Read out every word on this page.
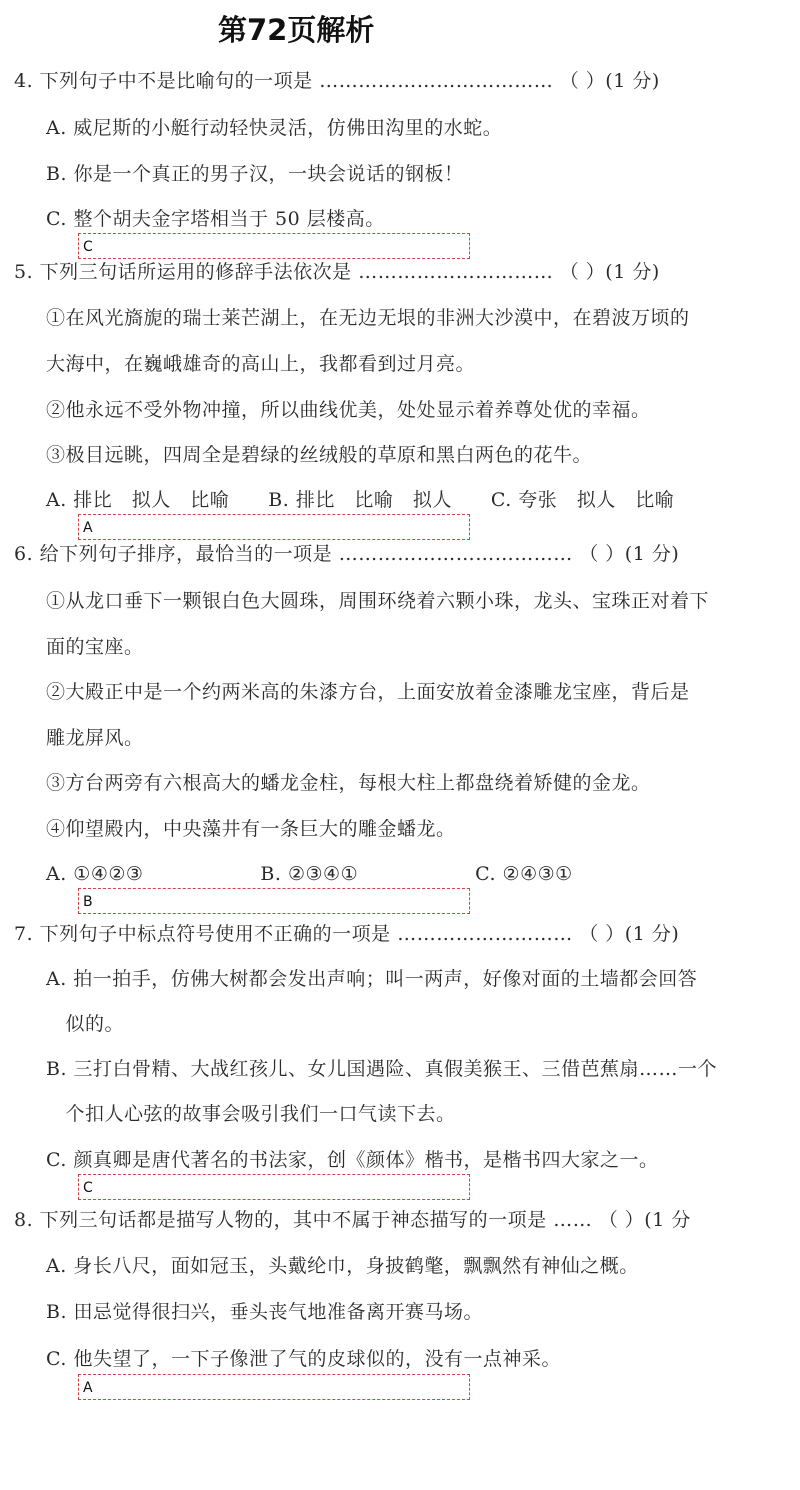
第72页解析
4. 下列句子中不是比喻句的一项是 ……………………………… （ ）(1 分)
A. 威尼斯的小艇行动轻快灵活，仿佛田沟里的水蛇。
B. 你是一个真正的男子汉，一块会说话的钢板！
C. 整个胡夫金字塔相当于 50 层楼高。
C
5. 下列三句话所运用的修辞手法依次是 ………………………… （ ）(1 分)
①在风光旖旎的瑞士莱芒湖上，在无边无垠的非洲大沙漠中，在碧波万顷的
大海中，在巍峨雄奇的高山上，我都看到过月亮。
②他永远不受外物冲撞，所以曲线优美，处处显示着养尊处优的幸福。
③极目远眺，四周全是碧绿的丝绒般的草原和黑白两色的花牛。
A. 排比　拟人　比喻　　B. 排比　比喻　拟人　　C. 夸张　拟人　比喻
A
6. 给下列句子排序，最恰当的一项是 ……………………………… （ ）(1 分)
①从龙口垂下一颗银白色大圆珠，周围环绕着六颗小珠，龙头、宝珠正对着下
面的宝座。
②大殿正中是一个约两米高的朱漆方台，上面安放着金漆雕龙宝座，背后是
雕龙屏风。
③方台两旁有六根高大的蟠龙金柱，每根大柱上都盘绕着矫健的金龙。
④仰望殿内，中央藻井有一条巨大的雕金蟠龙。
A. ①④②③　　　　　　B. ②③④①　　　　　　C. ②④③①
B
7. 下列句子中标点符号使用不正确的一项是 ……………………… （ ）(1 分)
A. 拍一拍手，仿佛大树都会发出声响；叫一两声，好像对面的土墙都会回答
　似的。
B. 三打白骨精、大战红孩儿、女儿国遇险、真假美猴王、三借芭蕉扇……一个
　个扣人心弦的故事会吸引我们一口气读下去。
C. 颜真卿是唐代著名的书法家，创《颜体》楷书，是楷书四大家之一。
C
8. 下列三句话都是描写人物的，其中不属于神态描写的一项是 …… （ ）(1 分
A. 身长八尺，面如冠玉，头戴纶巾，身披鹤氅，飘飘然有神仙之概。
B. 田忌觉得很扫兴，垂头丧气地准备离开赛马场。
C. 他失望了，一下子像泄了气的皮球似的，没有一点神采。
A
